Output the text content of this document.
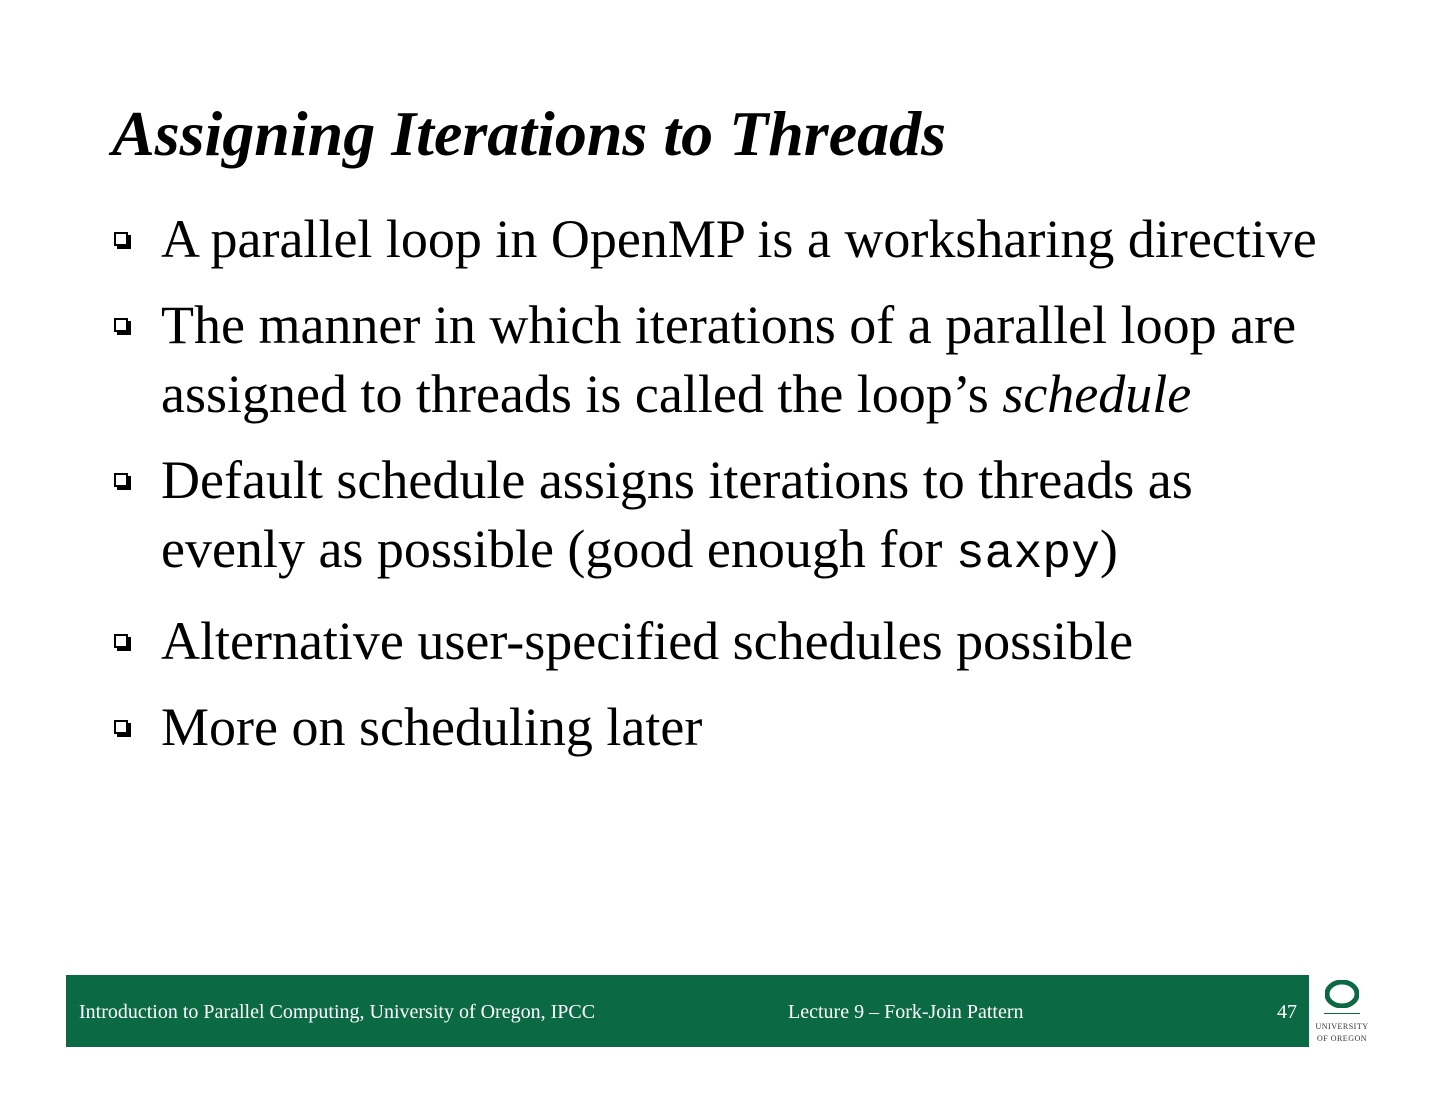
Assigning Iterations to Threads
A parallel loop in OpenMP is a worksharing directive
The manner in which iterations of a parallel loop are assigned to threads is called the loop’s schedule
Default schedule assigns iterations to threads as evenly as possible (good enough for saxpy)
Alternative user-specified schedules possible
More on scheduling later
Introduction to Parallel Computing, University of Oregon, IPCC	Lecture 9 – Fork-Join Pattern	47
UNIVERSITY
OF OREGON
